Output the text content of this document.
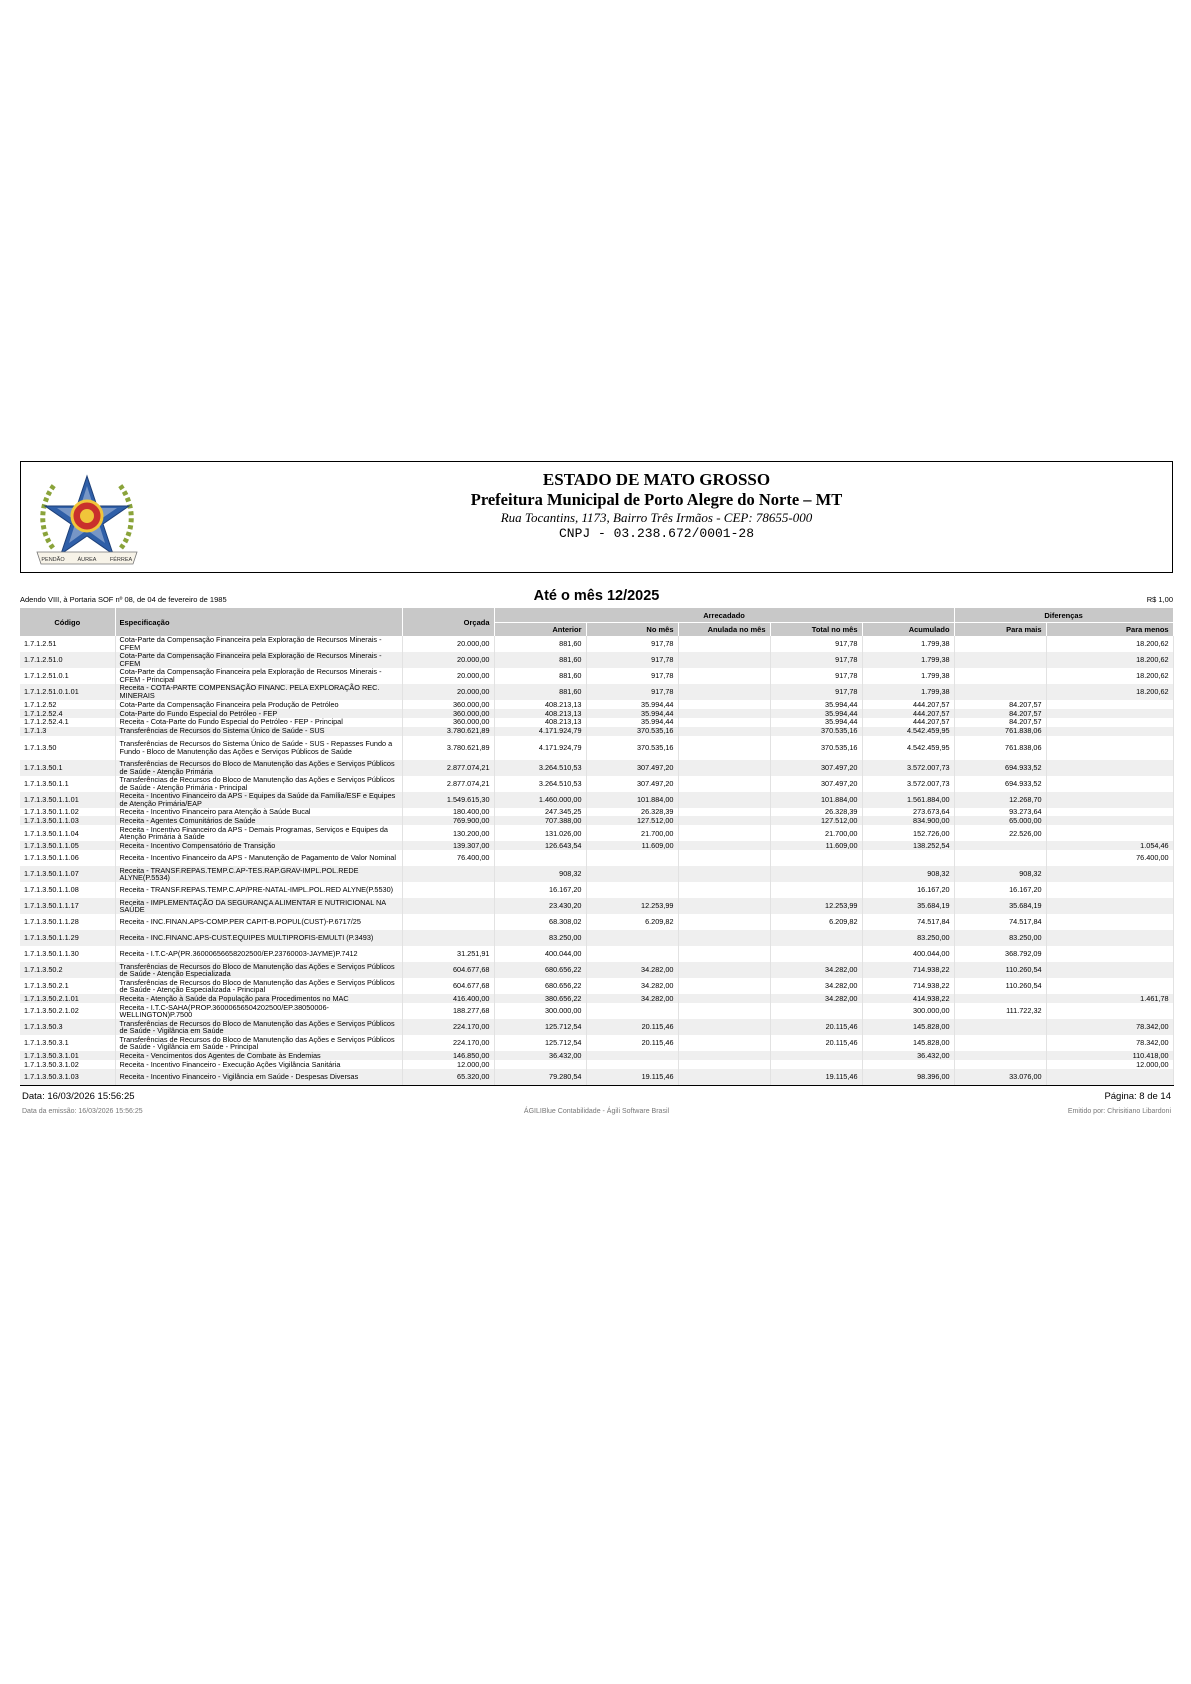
PENDÃO ÁUREA FÉRREA
ESTADO DE MATO GROSSO
Prefeitura Municipal de Porto Alegre do Norte – MT
Rua Tocantins, 1173, Bairro Três Irmãos - CEP: 78655-000
CNPJ - 03.238.672/0001-28
Adendo VIII, à Portaria SOF nº 08, de 04 de fevereiro de 1985	Até o mês 12/2025	R$ 1,00
Código	Especificação	Orçada	Arrecadado					Diferenças	
			Anterior	No mês	Anulada no mês	Total no mês	Acumulado	Para mais	Para menos
1.7.1.2.51	Cota-Parte da Compensação Financeira pela Exploração de Recursos Minerais - CFEM	20.000,00	881,60	917,78		917,78	1.799,38		18.200,62
1.7.1.2.51.0	Cota-Parte da Compensação Financeira pela Exploração de Recursos Minerais - CFEM	20.000,00	881,60	917,78		917,78	1.799,38		18.200,62
1.7.1.2.51.0.1	Cota-Parte da Compensação Financeira pela Exploração de Recursos Minerais - CFEM - Principal	20.000,00	881,60	917,78		917,78	1.799,38		18.200,62
1.7.1.2.51.0.1.01	Receita - COTA-PARTE COMPENSAÇÃO FINANC. PELA EXPLORAÇÃO REC. MINERAIS	20.000,00	881,60	917,78		917,78	1.799,38		18.200,62
1.7.1.2.52	Cota-Parte da Compensação Financeira pela Produção de Petróleo	360.000,00	408.213,13	35.994,44		35.994,44	444.207,57	84.207,57	
1.7.1.2.52.4	Cota-Parte do Fundo Especial do Petróleo - FEP	360.000,00	408.213,13	35.994,44		35.994,44	444.207,57	84.207,57	
1.7.1.2.52.4.1	Receita - Cota-Parte do Fundo Especial do Petróleo - FEP - Principal	360.000,00	408.213,13	35.994,44		35.994,44	444.207,57	84.207,57	
1.7.1.3	Transferências de Recursos do Sistema Único de Saúde - SUS	3.780.621,89	4.171.924,79	370.535,16		370.535,16	4.542.459,95	761.838,06	
1.7.1.3.50	Transferências de Recursos do Sistema Único de Saúde - SUS - Repasses Fundo a Fundo - Bloco de Manutenção das Ações e Serviços Públicos de Saúde	3.780.621,89	4.171.924,79	370.535,16		370.535,16	4.542.459,95	761.838,06	
1.7.1.3.50.1	Transferências de Recursos do Bloco de Manutenção das Ações e Serviços Públicos de Saúde - Atenção Primária	2.877.074,21	3.264.510,53	307.497,20		307.497,20	3.572.007,73	694.933,52	
1.7.1.3.50.1.1	Transferências de Recursos do Bloco de Manutenção das Ações e Serviços Públicos de Saúde - Atenção Primária - Principal	2.877.074,21	3.264.510,53	307.497,20		307.497,20	3.572.007,73	694.933,52	
1.7.1.3.50.1.1.01	Receita - Incentivo Financeiro da APS - Equipes da Saúde da Família/ESF e Equipes de Atenção Primária/EAP	1.549.615,30	1.460.000,00	101.884,00		101.884,00	1.561.884,00	12.268,70	
1.7.1.3.50.1.1.02	Receita - Incentivo Financeiro para Atenção à Saúde Bucal	180.400,00	247.345,25	26.328,39		26.328,39	273.673,64	93.273,64	
1.7.1.3.50.1.1.03	Receita - Agentes Comunitários de Saúde	769.900,00	707.388,00	127.512,00		127.512,00	834.900,00	65.000,00	
1.7.1.3.50.1.1.04	Receita - Incentivo Financeiro da APS - Demais Programas, Serviços e Equipes da Atenção Primária à Saúde	130.200,00	131.026,00	21.700,00		21.700,00	152.726,00	22.526,00	
1.7.1.3.50.1.1.05	Receita - Incentivo Compensatório de Transição	139.307,00	126.643,54	11.609,00		11.609,00	138.252,54		1.054,46
1.7.1.3.50.1.1.06	Receita - Incentivo Financeiro da APS - Manutenção de Pagamento de Valor Nominal	76.400,00							76.400,00
1.7.1.3.50.1.1.07	Receita - TRANSF.REPAS.TEMP.C.AP-TES.RAP.GRAV-IMPL.POL.REDE ALYNE(P.5534)		908,32				908,32	908,32	
1.7.1.3.50.1.1.08	Receita - TRANSF.REPAS.TEMP.C.AP/PRE-NATAL-IMPL.POL.RED ALYNE(P.5530)		16.167,20				16.167,20	16.167,20	
1.7.1.3.50.1.1.17	Receita - IMPLEMENTAÇÃO DA SEGURANÇA ALIMENTAR E NUTRICIONAL NA SAÚDE		23.430,20	12.253,99		12.253,99	35.684,19	35.684,19	
1.7.1.3.50.1.1.28	Receita - INC.FINAN.APS-COMP.PER CAPIT-B.POPUL(CUST)-P.6717/25		68.308,02	6.209,82		6.209,82	74.517,84	74.517,84	
1.7.1.3.50.1.1.29	Receita - INC.FINANC.APS-CUST.EQUIPES MULTIPROFIS-EMULTI (P.3493)		83.250,00				83.250,00	83.250,00	
1.7.1.3.50.1.1.30	Receita - I.T.C-AP(PR.36000656658202500/EP.23760003-JAYME)P.7412	31.251,91	400.044,00				400.044,00	368.792,09	
1.7.1.3.50.2	Transferências de Recursos do Bloco de Manutenção das Ações e Serviços Públicos de Saúde - Atenção Especializada	604.677,68	680.656,22	34.282,00		34.282,00	714.938,22	110.260,54	
1.7.1.3.50.2.1	Transferências de Recursos do Bloco de Manutenção das Ações e Serviços Públicos de Saúde - Atenção Especializada - Principal	604.677,68	680.656,22	34.282,00		34.282,00	714.938,22	110.260,54	
1.7.1.3.50.2.1.01	Receita - Atenção à Saúde da População para Procedimentos no MAC	416.400,00	380.656,22	34.282,00		34.282,00	414.938,22		1.461,78
1.7.1.3.50.2.1.02	Receita - I.T.C-SAHA(PROP.36000656504202500/EP.38050006-WELLINGTON)P.7500	188.277,68	300.000,00				300.000,00	111.722,32	
1.7.1.3.50.3	Transferências de Recursos do Bloco de Manutenção das Ações e Serviços Públicos de Saúde - Vigilância em Saúde	224.170,00	125.712,54	20.115,46		20.115,46	145.828,00		78.342,00
1.7.1.3.50.3.1	Transferências de Recursos do Bloco de Manutenção das Ações e Serviços Públicos de Saúde - Vigilância em Saúde - Principal	224.170,00	125.712,54	20.115,46		20.115,46	145.828,00		78.342,00
1.7.1.3.50.3.1.01	Receita - Vencimentos dos Agentes de Combate às Endemias	146.850,00	36.432,00				36.432,00		110.418,00
1.7.1.3.50.3.1.02	Receita - Incentivo Financeiro - Execução Ações Vigilância Sanitária	12.000,00							12.000,00
1.7.1.3.50.3.1.03	Receita - Incentivo Financeiro - Vigilância em Saúde - Despesas Diversas	65.320,00	79.280,54	19.115,46		19.115,46	98.396,00	33.076,00	
Data: 16/03/2026 15:56:25	Página: 8 de 14
Data da emissão: 16/03/2026 15:56:25	ÁGILIBlue Contabilidade - Ágili Software Brasil	Emitido por: Chrisitiano Libardoni
